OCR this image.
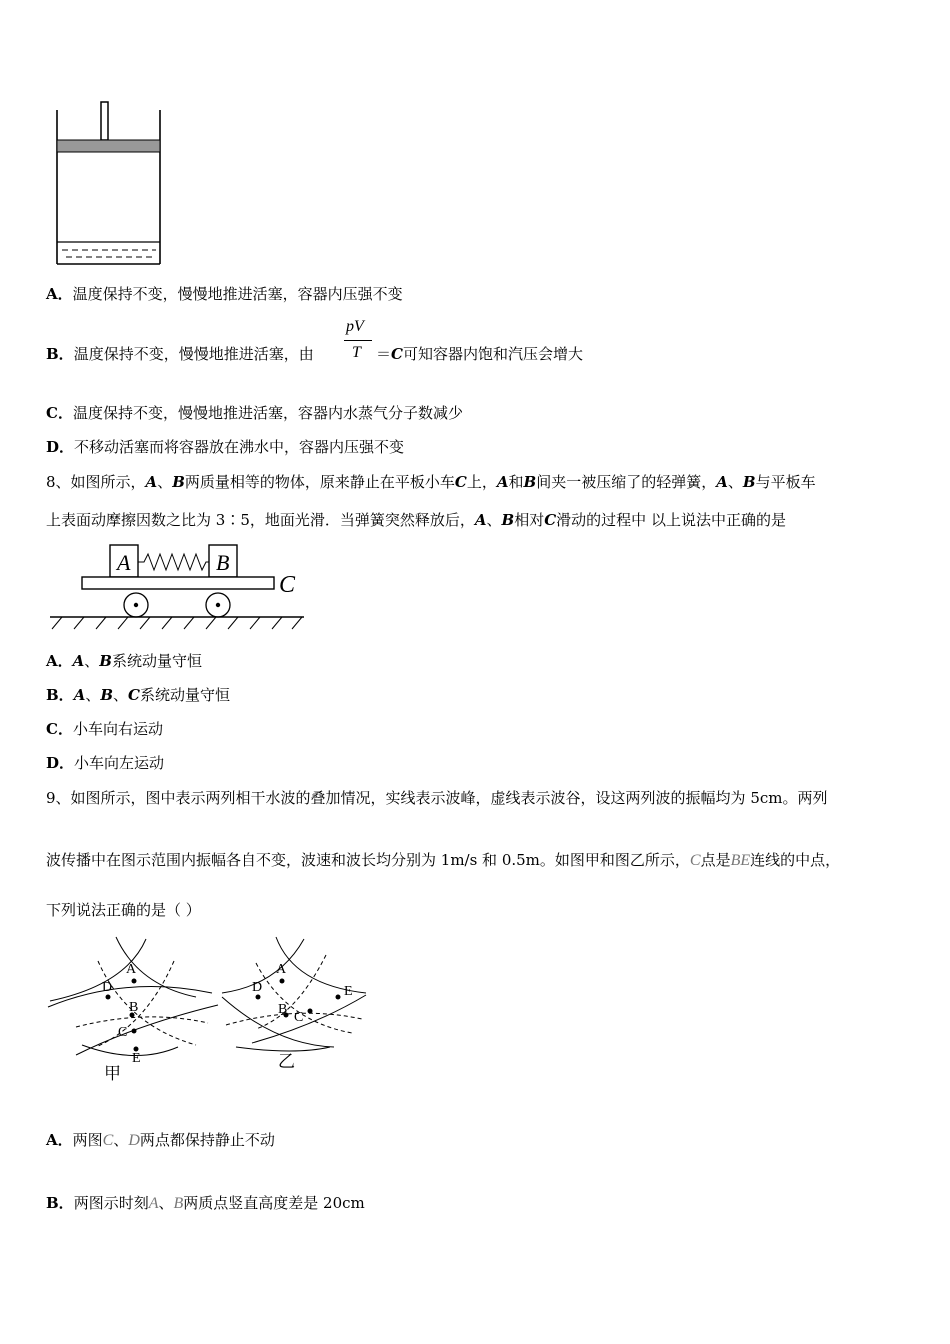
A．温度保持不变，慢慢地推进活塞，容器内压强不变
B．温度保持不变，慢慢地推进活塞，由
pV
T ＝C可知容器内饱和汽压会增大
C．温度保持不变，慢慢地推进活塞，容器内水蒸气分子数减少
D．不移动活塞而将容器放在沸水中，容器内压强不变
8、如图所示，A、B两质量相等的物体，原来静止在平板小车C上，A和B间夹一被压缩了的轻弹簧，A、B与平板车
上表面动摩擦因数之比为 3∶5，地面光滑．当弹簧突然释放后，A、B相对C滑动的过程中 以上说法中正确的是
A	B
C
A．A、B系统动量守恒
B．A、B、C系统动量守恒
C．小车向右运动
D．小车向左运动
9、如图所示，图中表示两列相干水波的叠加情况，实线表示波峰，虚线表示波谷，设这两列波的振幅均为 5cm。两列
波传播中在图示范围内振幅各自不变，波速和波长均分别为 1m/s 和 0.5m。如图甲和图乙所示，C点是BE连线的中点，
下列说法正确的是（ ）
A
D
B
C
E
甲
A
D
B
C
E
乙
A．两图C、D两点都保持静止不动
B．两图示时刻A、B两质点竖直高度差是 20cm
